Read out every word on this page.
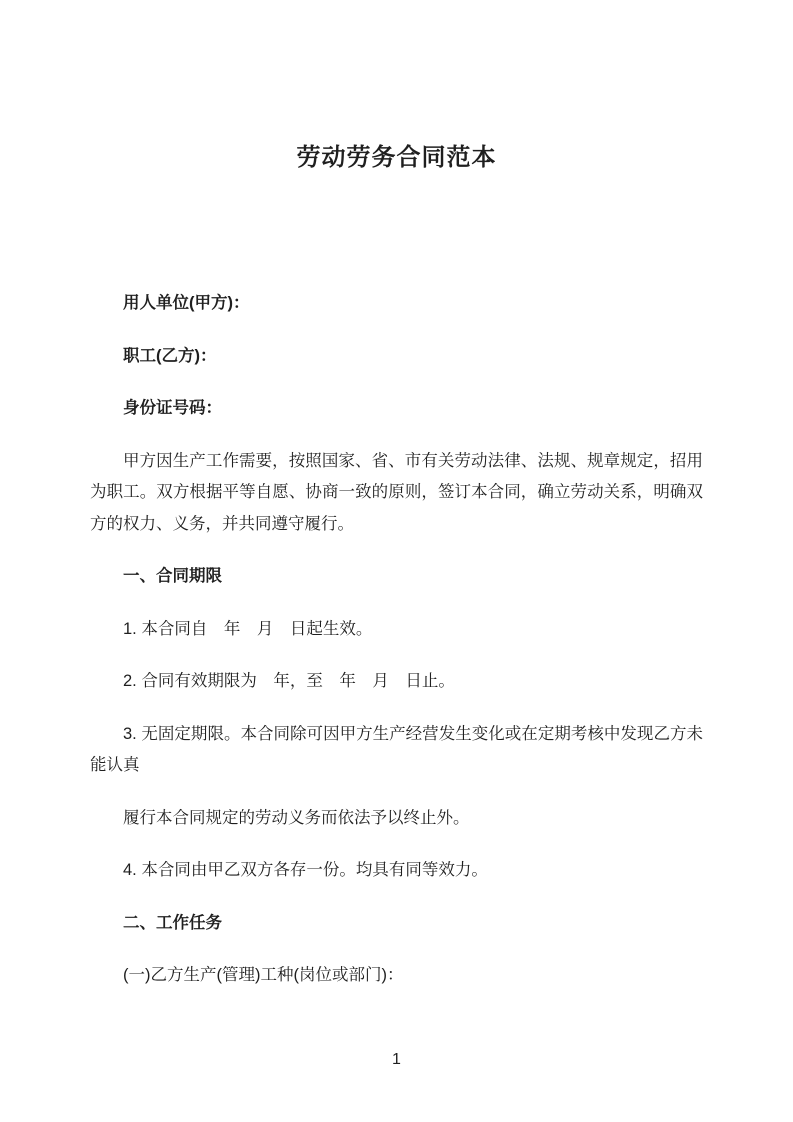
劳动劳务合同范本

用人单位(甲方)：

职工(乙方)：

身份证号码：

甲方因生产工作需要，按照国家、省、市有关劳动法律、法规、规章规定，招用　为职工。双方根据平等自愿、协商一致的原则，签订本合同，确立劳动关系，明确双方的权力、义务，并共同遵守履行。

一、合同期限

1. 本合同自　年　月　日起生效。

2. 合同有效期限为　年，至　年　月　日止。

3. 无固定期限。本合同除可因甲方生产经营发生变化或在定期考核中发现乙方未能认真

履行本合同规定的劳动义务而依法予以终止外。

4. 本合同由甲乙双方各存一份。均具有同等效力。

二、工作任务

(一)乙方生产(管理)工种(岗位或部门)：

1
